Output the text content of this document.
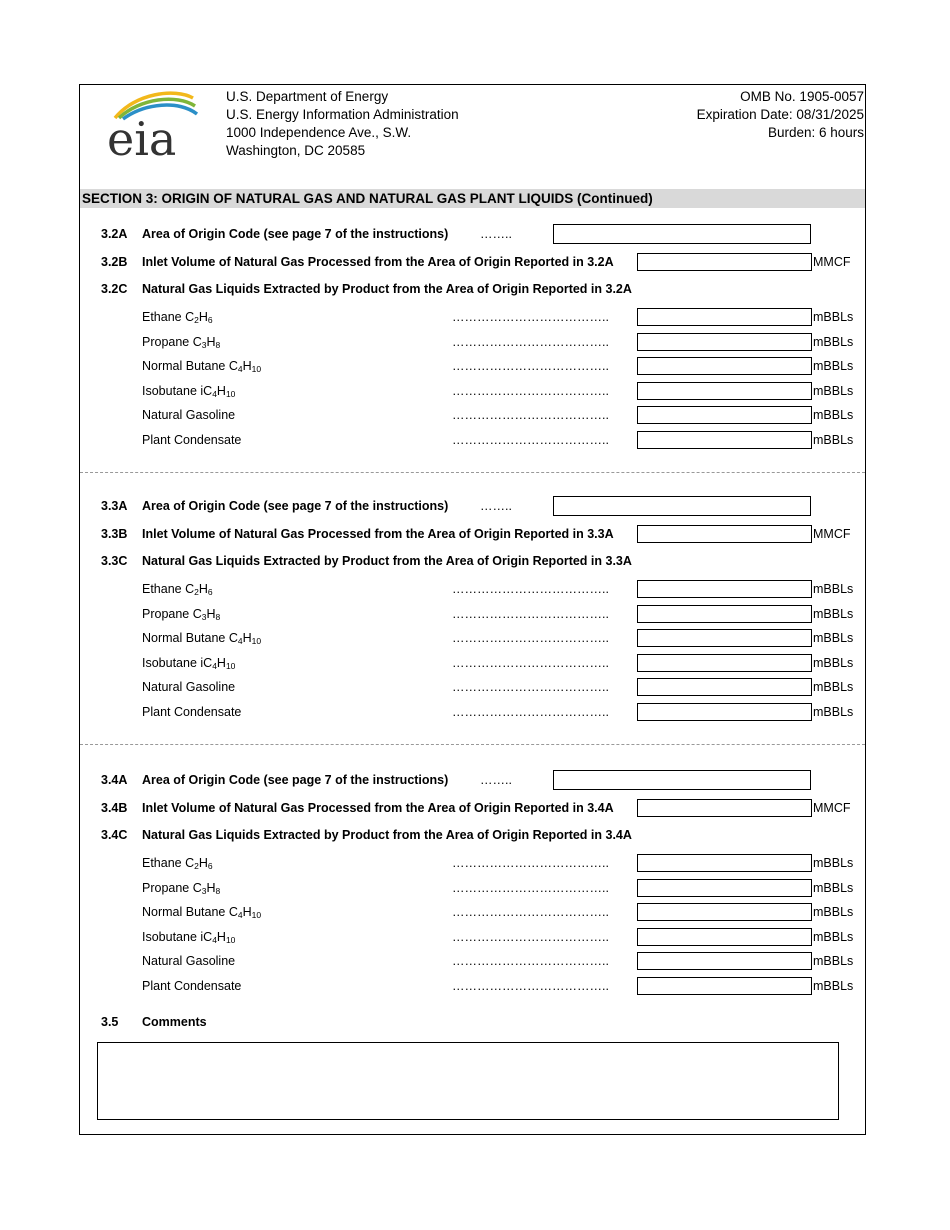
eia
U.S. Department of Energy
U.S. Energy Information Administration
1000 Independence Ave., S.W.
Washington, DC 20585
OMB No. 1905-0057
Expiration Date: 08/31/2025
Burden: 6 hours
SECTION 3: ORIGIN OF NATURAL GAS AND NATURAL GAS PLANT LIQUIDS (Continued)
3.2A Area of Origin Code (see page 7 of the instructions)	……..
3.2B Inlet Volume of Natural Gas Processed from the Area of Origin Reported in 3.2A	MMCF
3.2C Natural Gas Liquids Extracted by Product from the Area of Origin Reported in 3.2A
Ethane $C_2H_6$	………………………………..	mBBLs
Propane $C_3H_8$	………………………………..	mBBLs
Normal Butane $C_4H_{10}$	………………………………..	mBBLs
Isobutane $iC_4H_{10}$	………………………………..	mBBLs
Natural Gasoline	………………………………..	mBBLs
Plant Condensate	………………………………..	mBBLs
3.3A Area of Origin Code (see page 7 of the instructions)	……..
3.3B Inlet Volume of Natural Gas Processed from the Area of Origin Reported in 3.3A	MMCF
3.3C Natural Gas Liquids Extracted by Product from the Area of Origin Reported in 3.3A
Ethane $C_2H_6$	………………………………..	mBBLs
Propane $C_3H_8$	………………………………..	mBBLs
Normal Butane $C_4H_{10}$	………………………………..	mBBLs
Isobutane $iC_4H_{10}$	………………………………..	mBBLs
Natural Gasoline	………………………………..	mBBLs
Plant Condensate	………………………………..	mBBLs
3.4A Area of Origin Code (see page 7 of the instructions)	……..
3.4B Inlet Volume of Natural Gas Processed from the Area of Origin Reported in 3.4A	MMCF
3.4C Natural Gas Liquids Extracted by Product from the Area of Origin Reported in 3.4A
Ethane $C_2H_6$	………………………………..	mBBLs
Propane $C_3H_8$	………………………………..	mBBLs
Normal Butane $C_4H_{10}$	………………………………..	mBBLs
Isobutane $iC_4H_{10}$	………………………………..	mBBLs
Natural Gasoline	………………………………..	mBBLs
Plant Condensate	………………………………..	mBBLs
3.5 Comments
